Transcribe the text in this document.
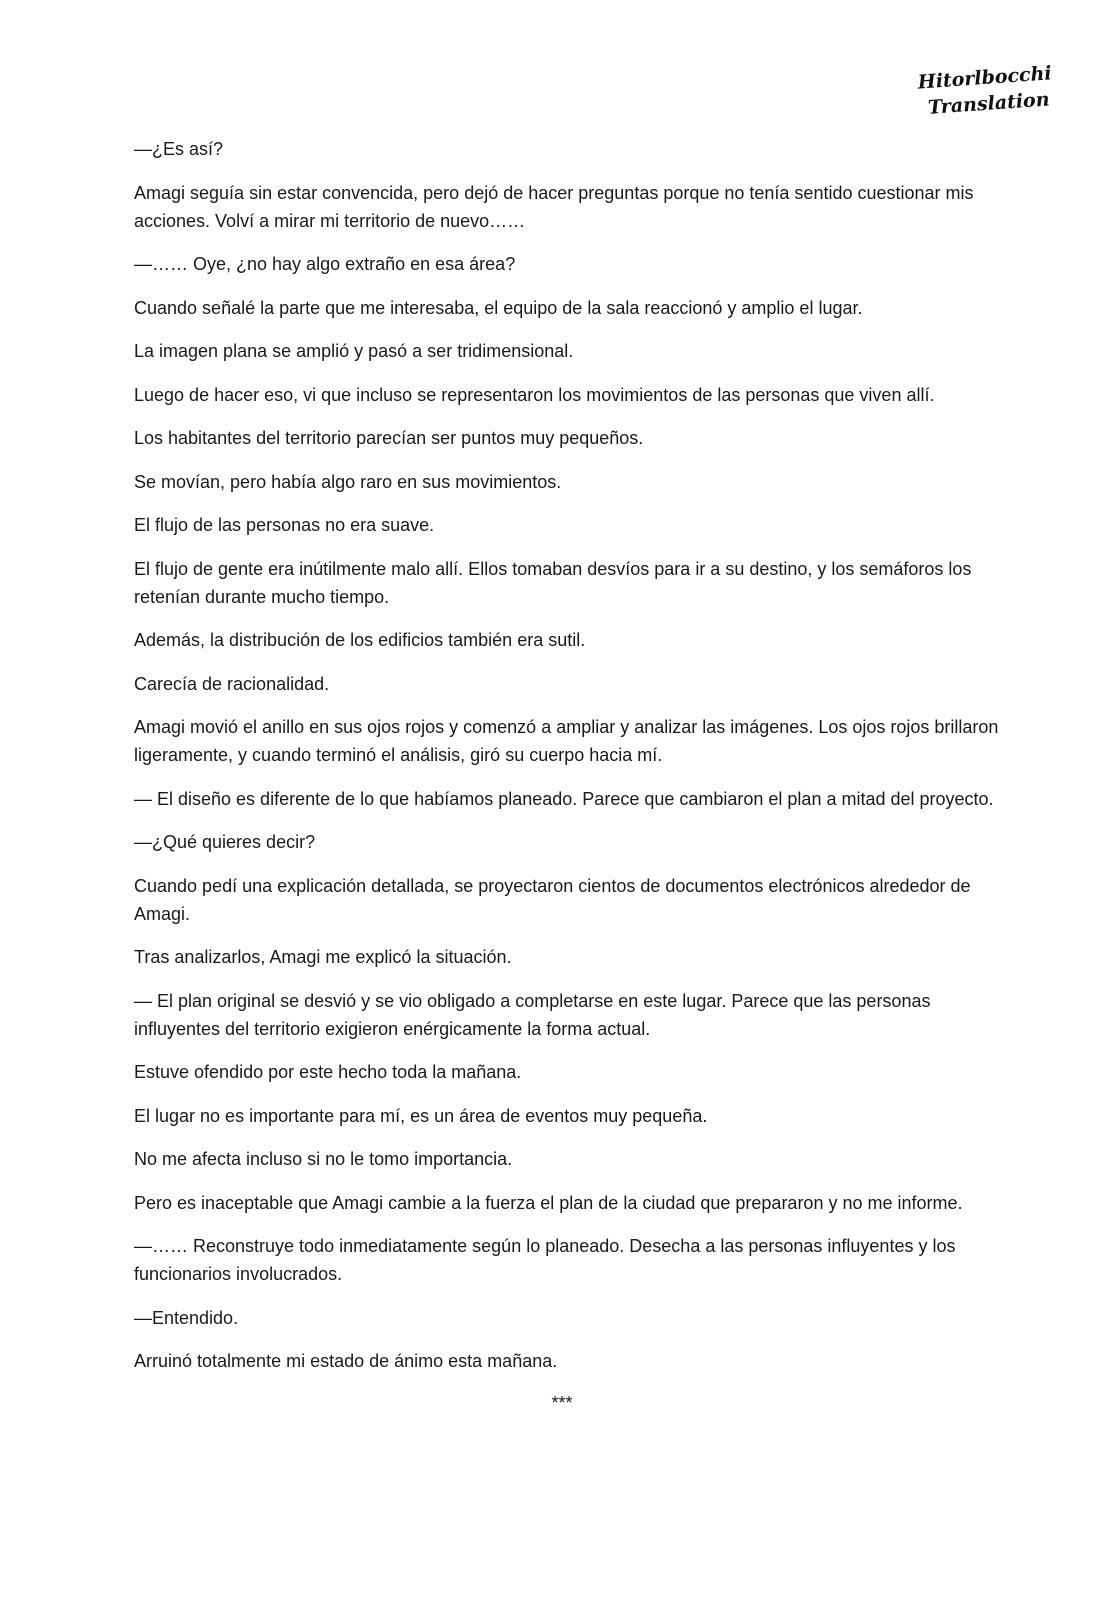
Hitorlbocchi
Translation

—¿Es así?

Amagi seguía sin estar convencida, pero dejó de hacer preguntas porque no tenía sentido cuestionar mis acciones. Volví a mirar mi territorio de nuevo……

—…… Oye, ¿no hay algo extraño en esa área?

Cuando señalé la parte que me interesaba, el equipo de la sala reaccionó y amplio el lugar.

La imagen plana se amplió y pasó a ser tridimensional.

Luego de hacer eso, vi que incluso se representaron los movimientos de las personas que viven allí.

Los habitantes del territorio parecían ser puntos muy pequeños.

Se movían, pero había algo raro en sus movimientos.

El flujo de las personas no era suave.

El flujo de gente era inútilmente malo allí. Ellos tomaban desvíos para ir a su destino, y los semáforos los retenían durante mucho tiempo.

Además, la distribución de los edificios también era sutil.

Carecía de racionalidad.

Amagi movió el anillo en sus ojos rojos y comenzó a ampliar y analizar las imágenes. Los ojos rojos brillaron ligeramente, y cuando terminó el análisis, giró su cuerpo hacia mí.

— El diseño es diferente de lo que habíamos planeado. Parece que cambiaron el plan a mitad del proyecto.

—¿Qué quieres decir?

Cuando pedí una explicación detallada, se proyectaron cientos de documentos electrónicos alrededor de Amagi.

Tras analizarlos, Amagi me explicó la situación.

— El plan original se desvió y se vio obligado a completarse en este lugar. Parece que las personas influyentes del territorio exigieron enérgicamente la forma actual.

Estuve ofendido por este hecho toda la mañana.

El lugar no es importante para mí, es un área de eventos muy pequeña.

No me afecta incluso si no le tomo importancia.

Pero es inaceptable que Amagi cambie a la fuerza el plan de la ciudad que prepararon y no me informe.

—…… Reconstruye todo inmediatamente según lo planeado. Desecha a las personas influyentes y los funcionarios involucrados.

—Entendido.

Arruinó totalmente mi estado de ánimo esta mañana.

***
